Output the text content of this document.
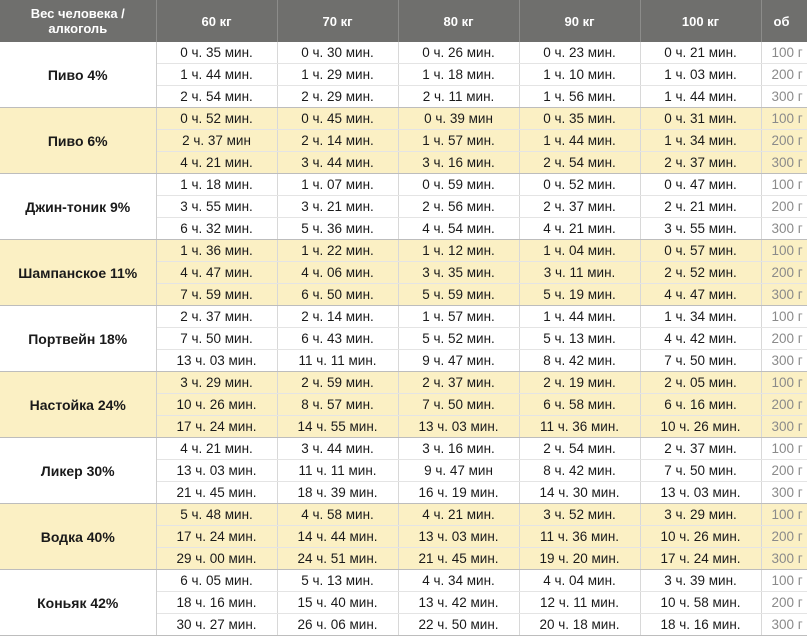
Вес человека /
алкоголь	60 кг	70 кг	80 кг	90 кг	100 кг	об
Пиво 4%	0 ч. 35 мин.	0 ч. 30 мин.	0 ч. 26 мин.	0 ч. 23 мин.	0 ч. 21 мин.	100 г
	1 ч. 44 мин.	1 ч. 29 мин.	1 ч. 18 мин.	1 ч. 10 мин.	1 ч. 03 мин.	200 г
	2 ч. 54 мин.	2 ч. 29 мин.	2 ч. 11 мин.	1 ч. 56 мин.	1 ч. 44 мин.	300 г
Пиво 6%	0 ч. 52 мин.	0 ч. 45 мин.	0 ч. 39 мин	0 ч. 35 мин.	0 ч. 31 мин.	100 г
	2 ч. 37 мин	2 ч. 14 мин.	1 ч. 57 мин.	1 ч. 44 мин.	1 ч. 34 мин.	200 г
	4 ч. 21 мин.	3 ч. 44 мин.	3 ч. 16 мин.	2 ч. 54 мин.	2 ч. 37 мин.	300 г
Джин-тоник 9%	1 ч. 18 мин.	1 ч. 07 мин.	0 ч. 59 мин.	0 ч. 52 мин.	0 ч. 47 мин.	100 г
	3 ч. 55 мин.	3 ч. 21 мин.	2 ч. 56 мин.	2 ч. 37 мин.	2 ч. 21 мин.	200 г
	6 ч. 32 мин.	5 ч. 36 мин.	4 ч. 54 мин.	4 ч. 21 мин.	3 ч. 55 мин.	300 г
Шампанское 11%	1 ч. 36 мин.	1 ч. 22 мин.	1 ч. 12 мин.	1 ч. 04 мин.	0 ч. 57 мин.	100 г
	4 ч. 47 мин.	4 ч. 06 мин.	3 ч. 35 мин.	3 ч. 11 мин.	2 ч. 52 мин.	200 г
	7 ч. 59 мин.	6 ч. 50 мин.	5 ч. 59 мин.	5 ч. 19 мин.	4 ч. 47 мин.	300 г
Портвейн 18%	2 ч. 37 мин.	2 ч. 14 мин.	1 ч. 57 мин.	1 ч. 44 мин.	1 ч. 34 мин.	100 г
	7 ч. 50 мин.	6 ч. 43 мин.	5 ч. 52 мин.	5 ч. 13 мин.	4 ч. 42 мин.	200 г
	13 ч. 03 мин.	11 ч. 11 мин.	9 ч. 47 мин.	8 ч. 42 мин.	7 ч. 50 мин.	300 г
Настойка 24%	3 ч. 29 мин.	2 ч. 59 мин.	2 ч. 37 мин.	2 ч. 19 мин.	2 ч. 05 мин.	100 г
	10 ч. 26 мин.	8 ч. 57 мин.	7 ч. 50 мин.	6 ч. 58 мин.	6 ч. 16 мин.	200 г
	17 ч. 24 мин.	14 ч. 55 мин.	13 ч. 03 мин.	11 ч. 36 мин.	10 ч. 26 мин.	300 г
Ликер 30%	4 ч. 21 мин.	3 ч. 44 мин.	3 ч. 16 мин.	2 ч. 54 мин.	2 ч. 37 мин.	100 г
	13 ч. 03 мин.	11 ч. 11 мин.	9 ч. 47 мин	8 ч. 42 мин.	7 ч. 50 мин.	200 г
	21 ч. 45 мин.	18 ч. 39 мин.	16 ч. 19 мин.	14 ч. 30 мин.	13 ч. 03 мин.	300 г
Водка 40%	5 ч. 48 мин.	4 ч. 58 мин.	4 ч. 21 мин.	3 ч. 52 мин.	3 ч. 29 мин.	100 г
	17 ч. 24 мин.	14 ч. 44 мин.	13 ч. 03 мин.	11 ч. 36 мин.	10 ч. 26 мин.	200 г
	29 ч. 00 мин.	24 ч. 51 мин.	21 ч. 45 мин.	19 ч. 20 мин.	17 ч. 24 мин.	300 г
Коньяк 42%	6 ч. 05 мин.	5 ч. 13 мин.	4 ч. 34 мин.	4 ч. 04 мин.	3 ч. 39 мин.	100 г
	18 ч. 16 мин.	15 ч. 40 мин.	13 ч. 42 мин.	12 ч. 11 мин.	10 ч. 58 мин.	200 г
	30 ч. 27 мин.	26 ч. 06 мин.	22 ч. 50 мин.	20 ч. 18 мин.	18 ч. 16 мин.	300 г
